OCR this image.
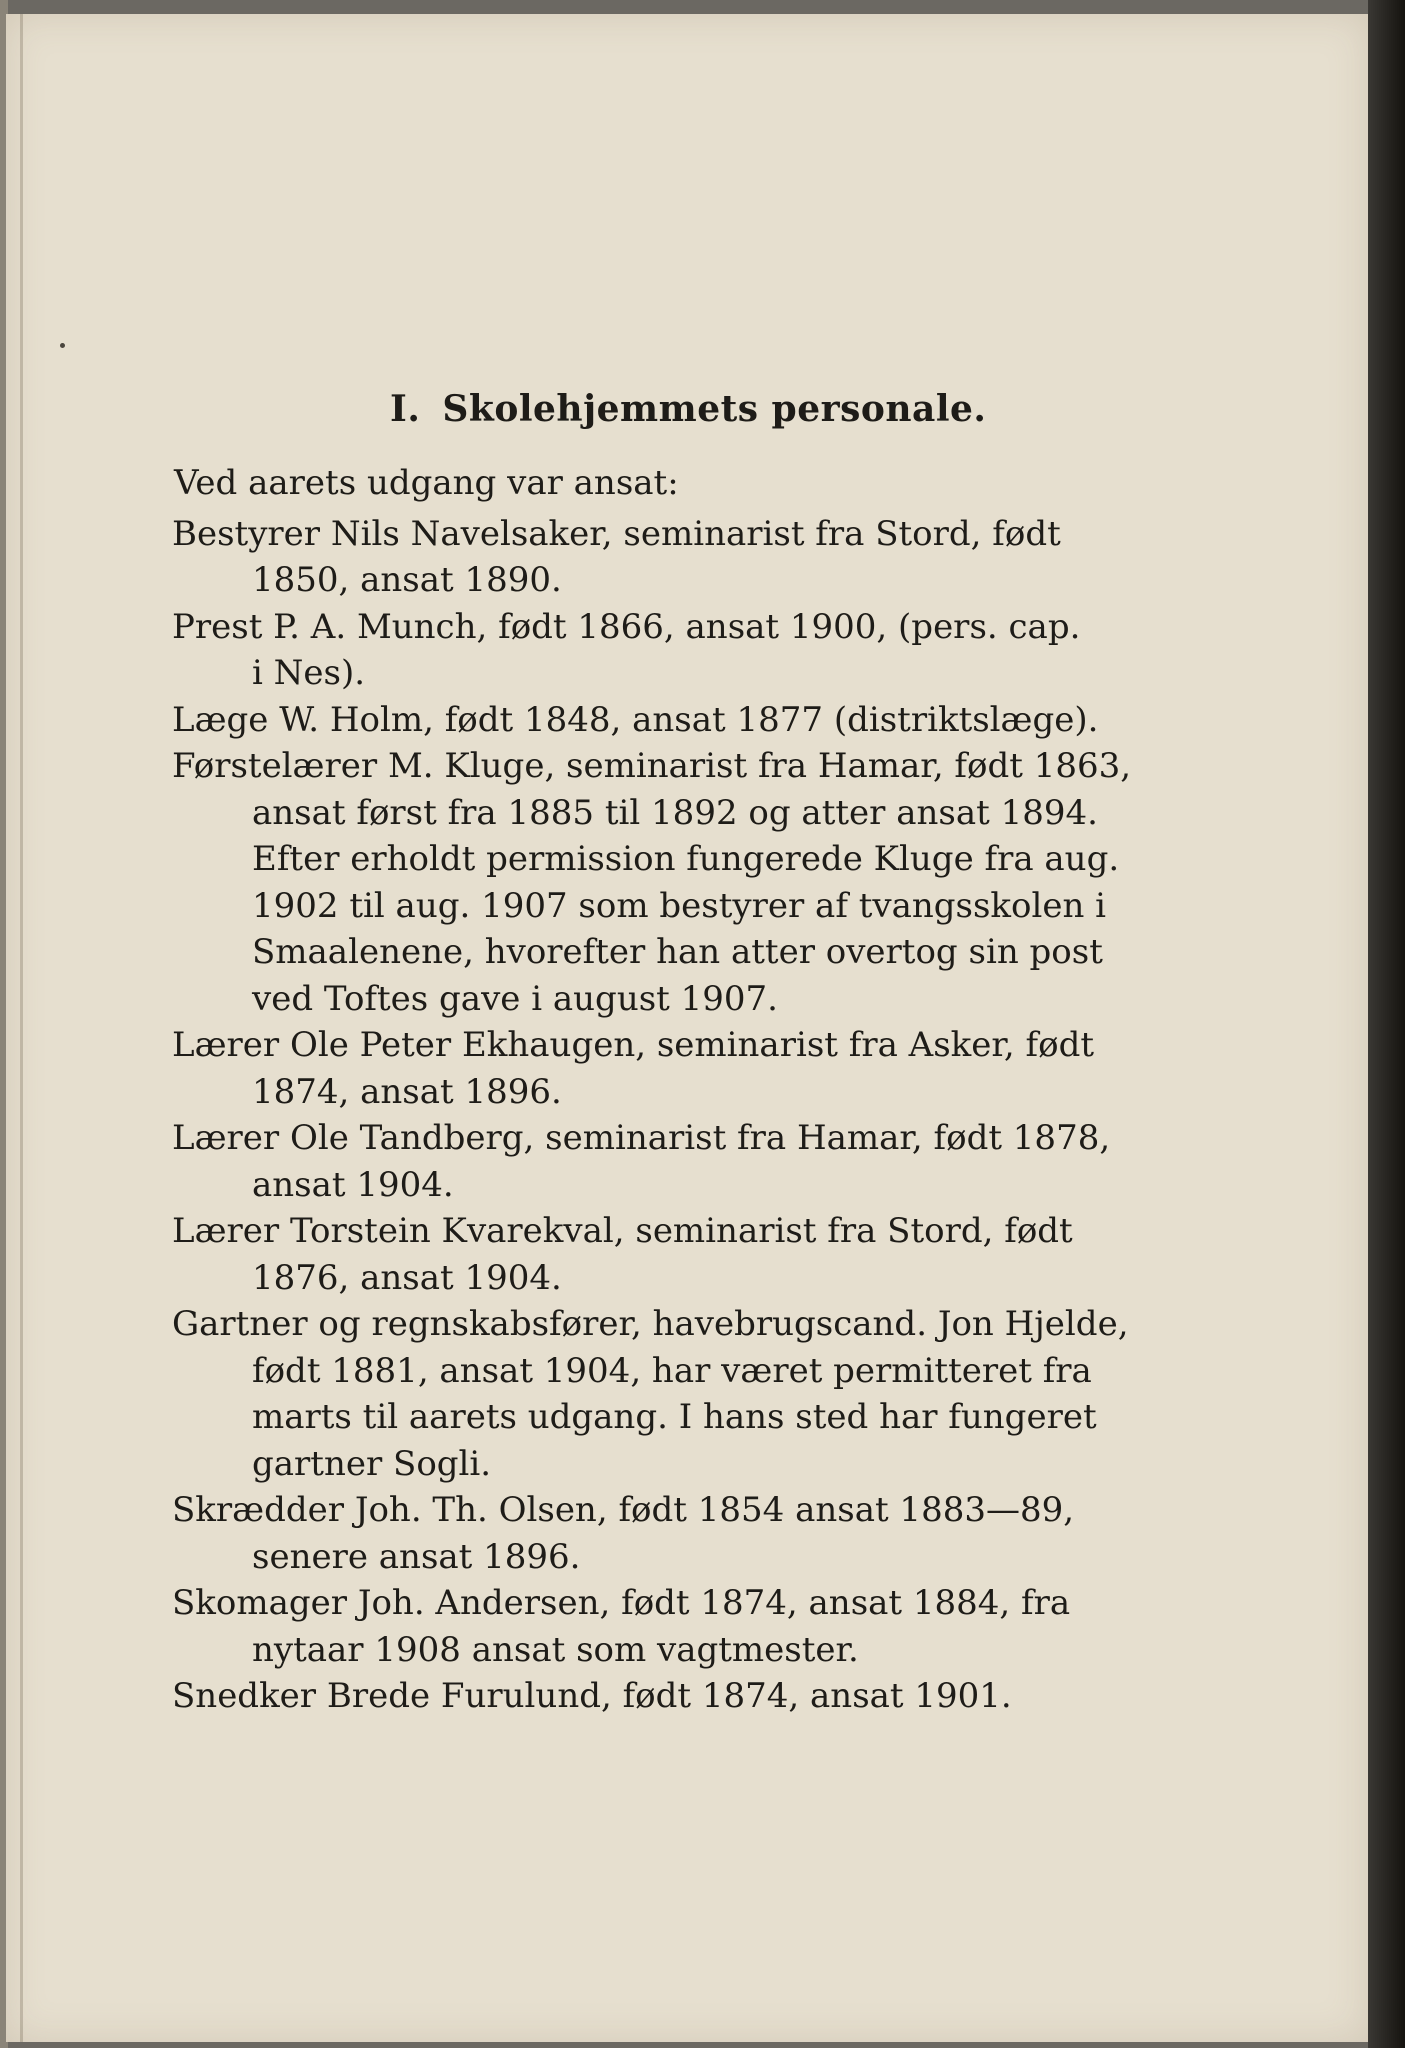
I. Skolehjemmets personale.
Ved aarets udgang var ansat:
Bestyrer Nils Navelsaker, seminarist fra Stord, født
1850, ansat 1890.
Prest P. A. Munch, født 1866, ansat 1900, (pers. cap.
i Nes).
Læge W. Holm, født 1848, ansat 1877 (distriktslæge).
Førstelærer M. Kluge, seminarist fra Hamar, født 1863,
ansat først fra 1885 til 1892 og atter ansat 1894.
Efter erholdt permission fungerede Kluge fra aug.
1902 til aug. 1907 som bestyrer af tvangsskolen i
Smaalenene, hvorefter han atter overtog sin post
ved Toftes gave i august 1907.
Lærer Ole Peter Ekhaugen, seminarist fra Asker, født
1874, ansat 1896.
Lærer Ole Tandberg, seminarist fra Hamar, født 1878,
ansat 1904.
Lærer Torstein Kvarekval, seminarist fra Stord, født
1876, ansat 1904.
Gartner og regnskabsfører, havebrugscand. Jon Hjelde,
født 1881, ansat 1904, har været permitteret fra
marts til aarets udgang. I hans sted har fungeret
gartner Sogli.
Skrædder Joh. Th. Olsen, født 1854 ansat 1883—89,
senere ansat 1896.
Skomager Joh. Andersen, født 1874, ansat 1884, fra
nytaar 1908 ansat som vagtmester.
Snedker Brede Furulund, født 1874, ansat 1901.
